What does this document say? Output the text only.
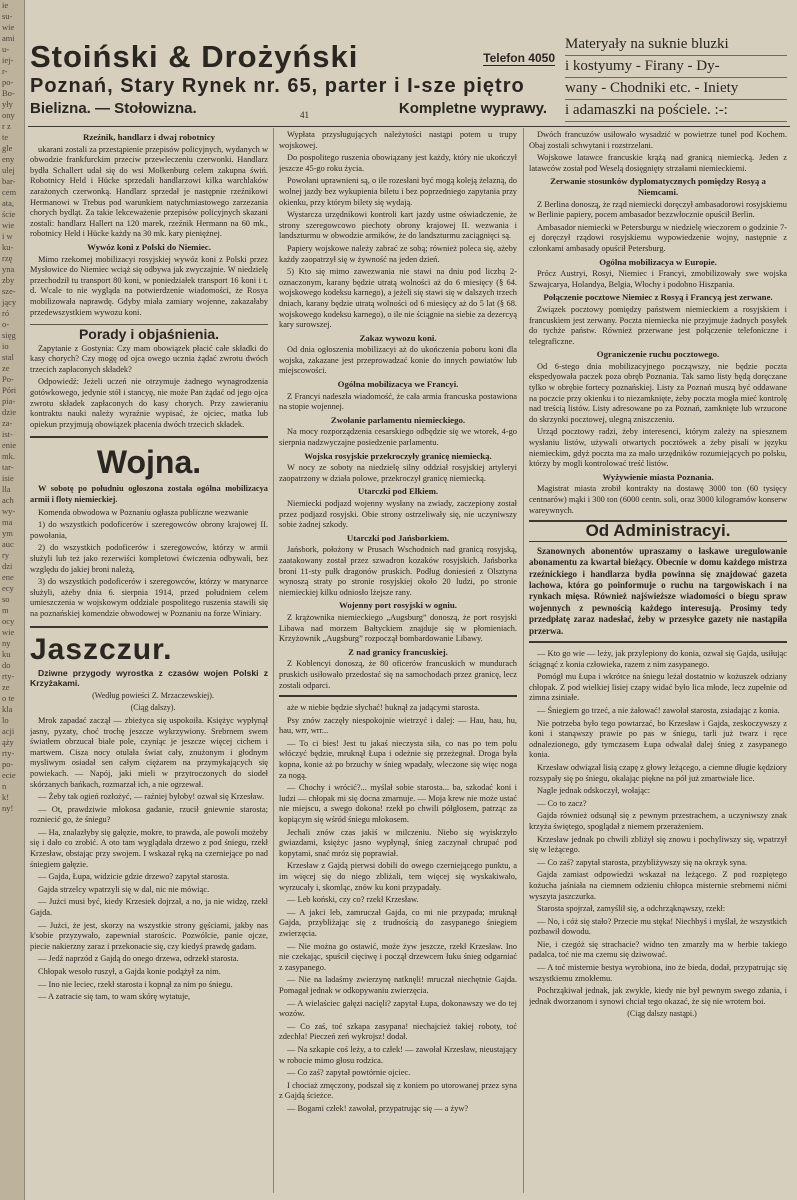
ie
su-
wie
ami
u-
iej-
r-
po-
Bo-
yły
ony
r z
te
gle
eny
ulej
bar-
cem
ata,
ście
wie
i w
ku-
rzę
yna
zby
sze-
jący
ró
o-
sięg
io
stal
ze
Po-
Póri
pia-
dzie
za-
ist-
enie
mk.
tar-
isie
lla
ach
wy-
ma
ym
auc
ry
dzi
ene
ecy
so
m
ocy
wie
ny
ku
do
rty-
ze
o te
kla
lo
acji
ąży
rty-
po-
ecie
n
k!
ny!
Telefon 4050
Stoiński & Drożyński
Poznań, Stary Rynek nr. 65, parter i I-sze piętro
Bielizna. — Stołowizna.	Kompletne wyprawy.
Materyały na suknie bluzki
i kostyumy - Firany - Dy-
wany - Chodniki etc. - Iniety
i adamaszki na pościele. :-:
41

Rzeźnik, handlarz i dwaj robotnicy

ukarani zostali za przestąpienie przepisów policyjnych, wydanych w obwodzie frankfurckim przeciw przewleczeniu czerwonki. Handlarz bydła Schallert udał się do wsi Molkenburg celem zakupna świń. Robotnicy Held i Hücke sprzedali handlarzowi kilka warchlaków zarażonych czerwonką. Handlarz sprzedał je następnie rzeźnikowi Hermanowi w Trebus pod warunkiem natychmiastowego zarzezania chorych bydląt. Za takie lekceważenie przepisów policyjnych skazani zostali: handlarz Hallert na 120 marek, rzeźnik Hermann na 60 mk., robotnicy Held i Hücke każdy na 30 mk. kary pieniężnej.

Wywóz koni z Polski do Niemiec.

Mimo rzekomej mobilizacyi rosyjskiej wywóz koni z Polski przez Mysłowice do Niemiec wciąż się odbywa jak zwyczajnie. W niedzielę przechodził tu transport 80 koni, w poniedziałek transport 16 koni i t. d. Wcale to nie wygląda na potwierdzenie wiadomości, że Rosya mobilizowała naprawdę. Gdyby miała zamiary wojenne, zakazałaby przedewszystkiem wywozu koni.

Porady i objaśnienia.

Zapytanie z Gostynia: Czy mam obowiązek płacić całe składki do kasy chorych? Czy mogę od ojca owego ucznia żądać zwrotu dwóch trzecich zapłaconych składek?

Odpowiedź: Jeżeli uczeń nie otrzymuje żadnego wynagrodzenia gotówkowego, jedynie stół i stancyę, nie może Pan żądać od jego ojca zwrotu składek zapłaconych do kasy chorych. Przy zawieraniu kontraktu nauki należy wyraźnie wypisać, że ojciec, matka lub opiekun przyjmują obowiązek płacenia dwóch trzecich składek.

Wojna.

W sobotę po południu ogłoszona została ogólna mobilizacya armii i floty niemieckiej.

Komenda obwodowa w Poznaniu ogłasza publiczne wezwanie

1) do wszystkich podoficerów i szeregowców obrony krajowej II. powołania,

2) do wszystkich podoficerów i szeregowców, którzy w armii służyli lub też jako rezerwiści kompletowi ćwiczenia odbywali, bez względu do jakiej broni należą,

3) do wszystkich podoficerów i szeregowców, którzy w marynarce służyli, ażeby dnia 6. sierpnia 1914, przed południem celem umieszczenia w wojskowym oddziale pospolitego ruszenia stawili się na poznańskiej komendzie obwodowej w Poznaniu na forze Winiary.

Jaszczur.

Dziwne przygody wyrostka z czasów wojen Polski z Krzyżakami.

(Według powieści Z. Mrzaczewskiej).

(Ciąg dalszy).

Mrok zapadać zaczął — zbieżyca się uspokoiła. Księżyc wypłynął jasny, pyzaty, choć trochę jeszcze wykrzywiony. Srebrnem swem światłem obrzucał białe pole, czyniąc je jeszcze więcej cichem i martwem. Cisza nocy otulała świat cały, znużonym i głodnym mysliwym osiadał sen całym ciężarem na przymykających się powiekach. — Napój, jaki mieli w przytroczonych do siodeł skórzanych bańkach, rozmarzał ich, a nie ogrzewał.

— Żeby tak ogień rozłożyć, — raźniej byłoby! ozwał się Krzesław.

— Ot, prawdziwie młokosa gadanie, rzucił gniewnie starosta; rozniecić go, że śniegu?

— Ha, znalazłyby się gałęzie, mokre, to prawda, ale powoli możeby się i dało co zrobić. A oto tam wyglądała drzewo z pod śniegu, rzekł Krzesław, obstając przy swojem. I wskazał ręką na czerniejące po nad śniegiem gałęzie.

— Gajda, Łupa, widzicie gdzie drzewo? zapytał starosta.

Gajda strzelcy wpatrzyli się w dal, nic nie mówiąc.

— Jużci musi być, kiedy Krzesiek dojrzał, a no, ja nie widzę, rzekł Gajda.

— Jużci, że jest, skorzy na wszystkie strony gęściami, jakby nas k'sobie przyzywało, zapewniał starościc. Pozwólcie, panie ojcze, piecie nakierzny zaraz i przekonacie się, czy kiedyś prawdę gadam.

— Jedź naprzód z Gajdą do onego drzewa, odrzekł starosta.

Chłopak wesoło ruszył, a Gajda konie podążył za nim.

— Ino nie leciec, rzekł starosta i kopnął za nim po śniegu.

— A zatracie się tam, to wam skórę wytatuje,

Wypłata przysługujących należytości nastąpi potem u trupy wojskowej.

Do pospolitego ruszenia obowiązany jest każdy, który nie ukończył jeszcze 45-go roku życia.

Powołani uprawnieni są, o ile rozesłani być mogą koleją żelazną, do wolnej jazdy bez wykupienia biletu i bez poprzedniego zapytania przy okienku, przy którym bilety się wydają.

Wystarcza urzędnikowi kontroli kart jazdy ustne oświadczenie, że strony szeregowcowo piechoty obrony krajowej II. wezwania i landszturmu w obwodzie armików, że do landszturmu zaciągnięci są.

Papiery wojskowe należy zabrać ze sobą; również poleca się, ażeby każdy zaopatrzył się w żywność na jeden dzień.

5) Kto się mimo zawezwania nie stawi na dniu pod liczbą 2-oznaczonym, karany będzie utratą wolności aż do 6 miesięcy (§ 64. wojskowego kodeksu karnego), a jeżeli się stawi się w dalszych trzech dniach, karany będzie utratą wolności od 6 miesięcy aż do 5 lat (§ 68. wojskowego kodeksu karnego), o ile nie ściągnie na siebie za dezercyą kary surowszej.

Zakaz wywozu koni.

Od dnia ogłoszenia mobilizacyi aż do ukończenia poboru koni dla wojska, zakazane jest przeprowadzać konie do innych powiatów lub miejscowości.

Ogólna mobilizacya we Francyi.

Z Francyi nadeszła wiadomość, że cała armia francuska postawiona na stopie wojennej.

Zwołanie parlamentu niemieckiego.

Na mocy rozporządzenia cesarskiego odbędzie się we wtorek, 4-go sierpnia nadzwyczajne posiedzenie parlamentu.

Wojska rosyjskie przekroczyły granicę niemiecką.

W nocy ze soboty na niedzielę silny oddział rosyjskiej artyleryi zaopatrzony w działa polowe, przekroczył granicę niemiecką.

Utarczki pod Ełkiem.

Niemiecki podjazd wojenny wysłany na zwiady, zaczepiony został przez podjazd rosyjski. Obie strony ostrzeliwały się, nie uczyniwszy sobie żadnej szkody.

Utarczki pod Jańsborkiem.

Jańsbork, położony w Prusach Wschodnich nad granicą rosyjską, zaatakowany został przez szwadron kozaków rosyjskich. Jańsborka broni 11-sty pułk dragonów pruskich. Podług doniesień z Olsztyna wynoszą straty po stronie rosyjskiej około 20 ludzi, po stronie niemieckiej kilku odniosło lżejsze rany.

Wojenny port rosyjski w ogniu.

Z krążownika niemieckiego „Augsburg” donoszą, że port rosyjski Libawa nad morzem Bałtyckiem znajduje się w płomieniach. Krzyżownik „Augsburg” rozpoczął bombardowanie Libawy.

Z nad granicy francuskiej.

Z Koblencyi donoszą, że 80 oficerów francuskich w mundurach pruskich usiłowało przedostać się na samochodach przez granicę, lecz zostali odparci.

aże w niebie będzie słychać! huknął za jadącymi starosta.

Psy znów zaczęły niespokojnie wietrzyć i dalej: — Hau, hau, hu, hau, wrr, wrr...

— To ci bies! Jest tu jakaś nieczysta siła, co nas po tem polu włóczyć będzie, mruknął Łupa i odeżnie się przeżegnał. Droga była kopna, konie aż po brzuchy w śnieg wpadały, wleczone się więc noga za nogą.

— Chochy i wrócić?... myślał sobie starosta... ba, szkodać koni i ludzi — chłopak mi się docna zmarnuje. — Moja krew nie może ustać nie miejscu, a swego dokona! rzekł po chwili półgłosem, patrząc za kopiącym się wśród śniegu młokosem.

Jechali znów czas jakiś w milczeniu. Niebo się wyiskrzyło gwiazdami, księżyc jasno wypłynął, śnieg zaczynał chrupać pod kopytami, snać mróz się poprawiał.

Krzesław z Gajdą pierwsi dobili do owego czerniejącego punktu, a im więcej się do niego zbliżali, tem więcej się wyskakiwało, wyrzucały i, skomląc, znów ku koni przypadały.

— Leb koński, czy co? rzekł Krzesław.

— A jakci leb, zamruczał Gajda, co mi nie przypada; mruknął Gajda, przybliżając się z trudnością do zasypanego śniegiem zwierzęcia.

— Nie można go ostawić, może żyw jeszcze, rzekł Krzesław. Ino nie czekając, spuścił cięciwę i począł drzewcem łuku śnieg odgarniać z zasypanego.

— Nie na ladaśmy zwierzynę natknęli! mruczał niechętnie Gajda. Pomagał jednak w odkopywaniu zwierzęcia.

— A wielaściec gałęzi nacięli? zapytał Łupa, dokonawszy we do tej wozów.

— Co zaś, toć szkapa zasypana! niechajcież takiej roboty, toć zdechła! Pieczeń zeń wykrojsz! dodał.

— Na szkapie coś leży, a to człek! — zawołał Krzesław, nieustający w robocie mimo głosu rodzica.

— Co zaś? zapytał powtórnie ojciec.

I chociaż zmęczony, podszał się z koniem po utorowanej przez syna z Gajdą ścieżce.

— Bogami człek! zawołał, przypatrując się — a żyw?

Dwóch francuzów usiłowało wysadzić w powietrze tunel pod Kochem. Obaj zostali schwytani i rozstrzelani.

Wojskowe latawce francuskie krążą nad granicą niemiecką. Jeden z latawców został pod Weselą dosięgnięty strzałami niemieckiemi.

Zerwanie stosunków dyplomatycznych pomiędzy Rosyą a Niemcami.

Z Berlina donoszą, że rząd niemiecki doręczył ambasadorowi rosyjskiemu w Berlinie papiery, pocem ambasador bezzwłocznie opuścił Berlin.

Ambasador niemiecki w Petersburgu w niedzielę wieczorem o godzinie 7-ej doręczył rządowi rosyjskiemu wypowiedzenie wojny, następnie z członkami ambasady opuścił Petersburg.

Ogólna mobilizacya w Europie.

Prócz Austryi, Rosyi, Niemiec i Francyi, zmobilizowały swe wojska Szwajcarya, Holandya, Belgia, Włochy i podobno Hiszpania.

Połączenie pocztowe Niemiec z Rosyą i Francyą jest zerwane.

Związek pocztowy pomiędzy państwem niemieckiem a rosyjskiem i francuskiem jest zerwany. Poczta niemiecka nie przyjmuje żadnych posyłek do tychże państw. Również przerwane jest połączenie telefoniczne i telegraficzne.

Ograniczenie ruchu pocztowego.

Od 6-stego dnia mobilizacyjnego począwszy, nie będzie poczta ekspedyowała paczek poza obręb Poznania. Tak samo listy będą doręczane tylko w obrębie fortecy poznańskiej. Listy za Poznań muszą być oddawane na poczcie przy okienku i to niezamknięte, żeby poczta mogła mieć kontrolę nad treścią listów. Listy adresowane po za Poznań, zamknięte lub wrzucone do skrzynki pocztowej, ulegną zniszczeniu.

Urząd pocztowy radzi, żeby interesenci, którym zależy na spiesznem wysłaniu listów, używali otwartych pocztówek a żeby pisali w języku niemieckim, gdyż poczta ma za mało urzędników rozumiejących po polsku, którzy by mogli kontrolować treść listów.

Wyżywienie miasta Poznania.

Magistrat miasta zrobił kontrakty na dostawę 3000 ton (60 tysięcy centnarów) mąki i 300 ton (6000 centn. soli, oraz 3000 kilogramów konserw wareywnych.

Od Administracyi.

Szanownych abonentów upraszamy o łaskawe uregulowanie abonamentu za kwartał bieżący. Obecnie w domu każdego mistrza rzeźnickiego i handlarza bydła powinna się znajdować gazeta lachowa, która go poinformuje o ruchu na targowiskach i na rynkach mięsa. Również najświeższe wiadomości o biegu spraw wojennych z pewnością każdego interesują. Prosimy tedy przedpłatę zaraz nadesłać, żeby w przesyłce gazety nie nastąpiła przerwa.

— Kto go wie — leży, jak przylepiony do konia, ozwał się Gajda, usiłując ściągnąć z konia człowieka, razem z nim zasypanego.

Pomógł mu Łupa i wkrótce na śniegu leżał dostatnio w kożuszek odziany chłopak. Z pod wielkiej lisiej czapy widać było lica młode, lecz zupełnie od zimna zsiniałe.

— Śniegiem go trzeć, a nie żałować! zawołał starosta, zsiadając z konia.

Nie potrzeba było tego powtarzać, bo Krzesław i Gajda, zeskoczywszy z koni i stanąwszy prawie po pas w śniegu, tarli już twarz i ręce odnalezionego, gdy tymczasem Łupa odwalał dalej śnieg z zasypanego konia.

Krzesław odwiązał lisią czapę z głowy leżącego, a ciemne długie kędziory rozsypały się po śniegu, okalając piękne na pół już zmartwiałe lice.

Nagle jednak odskoczył, wołając:

— Co to zacz?

Gajda również odsunął się z pewnym przestrachem, a uczyniwszy znak krzyża świętego, spoglądał z niemem przerażeniem.

Krzesław jednak po chwili zbliżył się znowu i pochyliwszy się, wpatrzył się w leżącego.

— Co zaś? zapytał starosta, przybliżywszy się na okrzyk syna.

Gajda zamiast odpowiedzi wskazał na leżącego. Z pod rozpiętego kożucha jaśniała na ciemnem odzieniu chłopca misternie srebrnemi nićmi wyszyta jaszczurka.

Starosta spojrzał, zamyślił się, a odchrząknąwszy, rzekł:

— No, i cóż się stało? Przecie mu stęka! Niechbyś i myślał, że wszystkich pozbawił dowodu.

Nie, i czegóż się strachacie? widno ten zmarzły ma w herbie takiego padalca, toć nie ma czemu się dziwować.

— A toć misternie bestya wyrobiona, ino że bieda, dodał, przypatrując się wszystkiemu zmokłemu.

Pochrząkiwał jednak, jak zwykle, kiedy nie był pewnym swego zdania, i jednak dworzanom i synowi chciał tego okazać, że się nie wrotem boi.

(Ciąg dalszy nastąpi.)
